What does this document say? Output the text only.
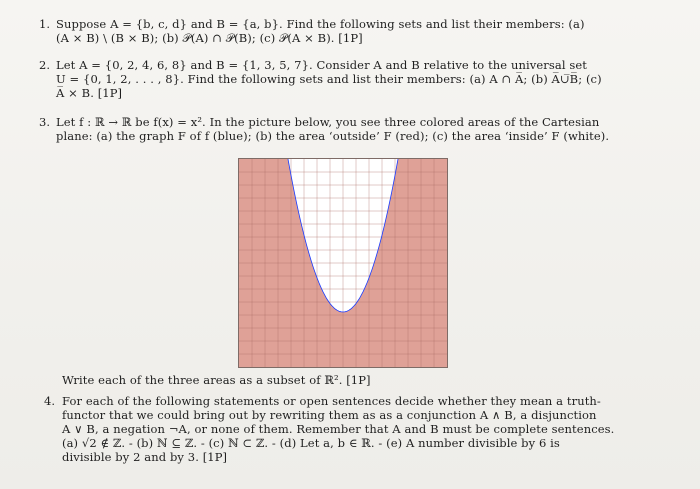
1. Suppose A = {b, c, d} and B = {a, b}. Find the following sets and list their members: (a)
(A × B) \ (B × B); (b) 𝒫(A) ∩ 𝒫(B); (c) 𝒫(A × B). [1P]
2. Let A = {0, 2, 4, 6, 8} and B = {1, 3, 5, 7}. Consider A and B relative to the universal set
U = {0, 1, 2, . . . , 8}. Find the following sets and list their members: (a) A ∩ A̅; (b) A̅∪̅B̅; (c)
A̅ × B. [1P]
3. Let f : ℝ → ℝ be f(x) = x². In the picture below, you see three colored areas of the Cartesian
plane: (a) the graph F of f (blue); (b) the area ‘outside’ F (red); (c) the area ‘inside’ F (white).
Write each of the three areas as a subset of ℝ². [1P]
4. For each of the following statements or open sentences decide whether they mean a truth-
functor that we could bring out by rewriting them as as a conjunction A ∧ B, a disjunction
A ∨ B, a negation ¬A, or none of them. Remember that A and B must be complete sentences.
(a) √2 ∉ ℤ. - (b) ℕ ⊆ ℤ. - (c) ℕ ⊂ ℤ. - (d) Let a, b ∈ ℝ. - (e) A number divisible by 6 is
divisible by 2 and by 3. [1P]
